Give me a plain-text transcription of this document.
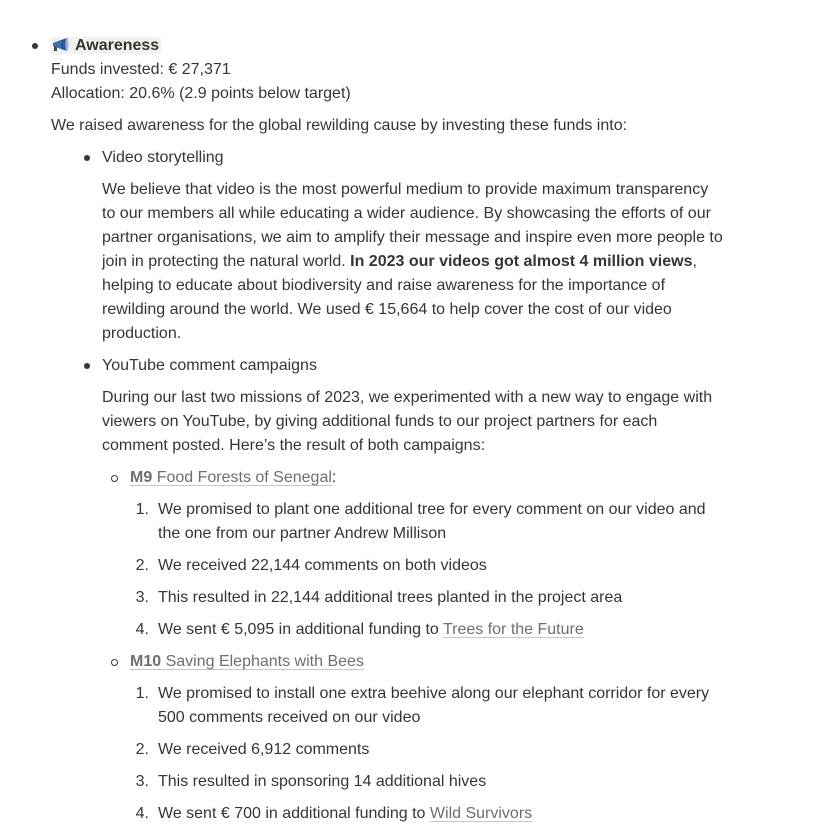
Awareness
Funds invested: € 27,371
Allocation: 20.6% (2.9 points below target)
We raised awareness for the global rewilding cause by investing these funds into:
Video storytelling
We believe that video is the most powerful medium to provide maximum transparency
to our members all while educating a wider audience. By showcasing the efforts of our
partner organisations, we aim to amplify their message and inspire even more people to
join in protecting the natural world. In 2023 our videos got almost 4 million views,
helping to educate about biodiversity and raise awareness for the importance of
rewilding around the world. We used € 15,664 to help cover the cost of our video
production.
YouTube comment campaigns
During our last two missions of 2023, we experimented with a new way to engage with
viewers on YouTube, by giving additional funds to our project partners for each
comment posted. Here’s the result of both campaigns:
M9 Food Forests of Senegal:
1. We promised to plant one additional tree for every comment on our video and
the one from our partner Andrew Millison
2. We received 22,144 comments on both videos
3. This resulted in 22,144 additional trees planted in the project area
4. We sent € 5,095 in additional funding to Trees for the Future
M10 Saving Elephants with Bees
1. We promised to install one extra beehive along our elephant corridor for every
500 comments received on our video
2. We received 6,912 comments
3. This resulted in sponsoring 14 additional hives
4. We sent € 700 in additional funding to Wild Survivors
